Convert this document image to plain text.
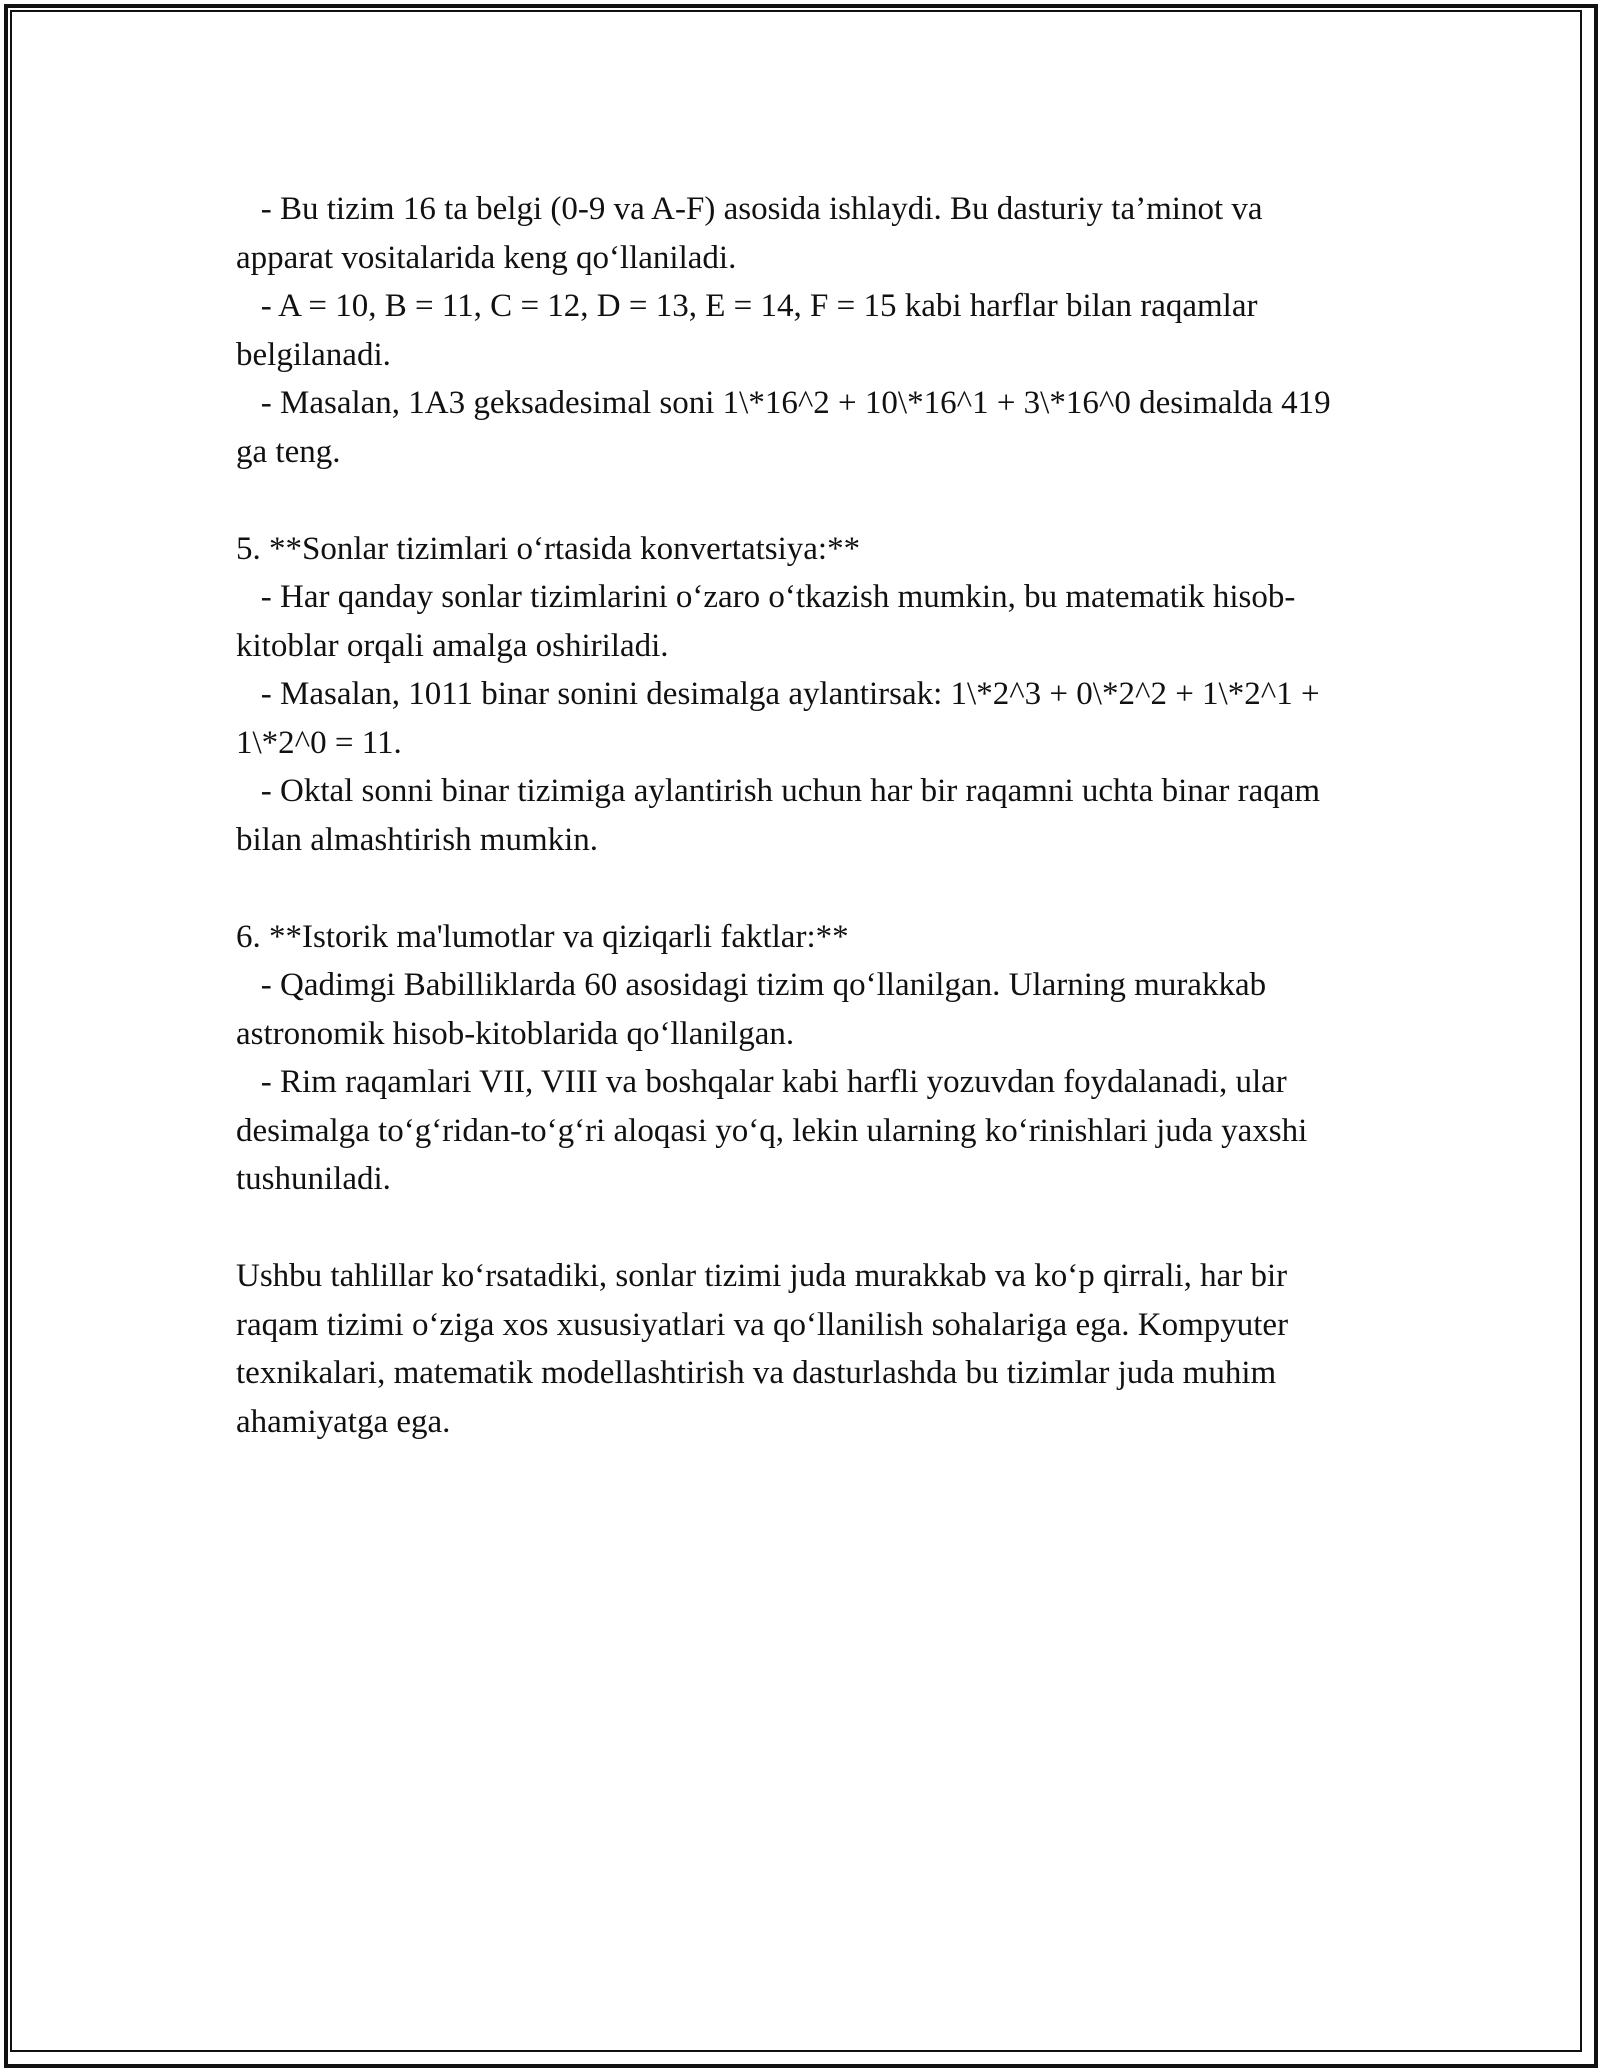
- Bu tizim 16 ta belgi (0-9 va A-F) asosida ishlaydi. Bu dasturiy ta’minot va apparat vositalarida keng qo‘llaniladi.

- A = 10, B = 11, C = 12, D = 13, E = 14, F = 15 kabi harflar bilan raqamlar belgilanadi.

- Masalan, 1A3 geksadesimal soni 1\*16^2 + 10\*16^1 + 3\*16^0 desimalda 419 ga teng.

5. **Sonlar tizimlari o‘rtasida konvertatsiya:**

- Har qanday sonlar tizimlarini o‘zaro o‘tkazish mumkin, bu matematik hisob-kitoblar orqali amalga oshiriladi.

- Masalan, 1011 binar sonini desimalga aylantirsak: 1\*2^3 + 0\*2^2 + 1\*2^1 + 1\*2^0 = 11.

- Oktal sonni binar tizimiga aylantirish uchun har bir raqamni uchta binar raqam bilan almashtirish mumkin.

6. **Istorik ma'lumotlar va qiziqarli faktlar:**

- Qadimgi Babilliklarda 60 asosidagi tizim qo‘llanilgan. Ularning murakkab astronomik hisob-kitoblarida qo‘llanilgan.

- Rim raqamlari VII, VIII va boshqalar kabi harfli yozuvdan foydalanadi, ular desimalga to‘g‘ridan-to‘g‘ri aloqasi yo‘q, lekin ularning ko‘rinishlari juda yaxshi tushuniladi.

Ushbu tahlillar ko‘rsatadiki, sonlar tizimi juda murakkab va ko‘p qirrali, har bir raqam tizimi o‘ziga xos xususiyatlari va qo‘llanilish sohalariga ega. Kompyuter texnikalari, matematik modellashtirish va dasturlashda bu tizimlar juda muhim ahamiyatga ega.
